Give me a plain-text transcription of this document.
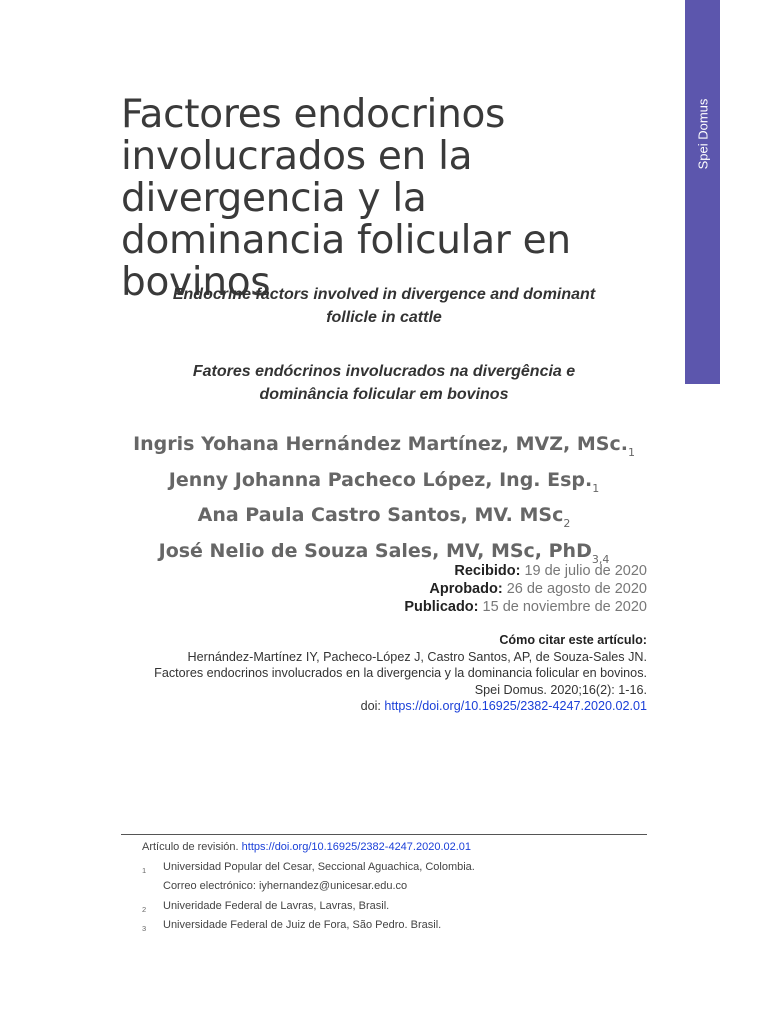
Spei Domus
Factores endocrinos involucrados en la divergencia y la dominancia folicular en bovinos

Endocrine factors involved in divergence and dominant follicle in cattle

Fatores endócrinos involucrados na divergência e dominância folicular em bovinos

Ingris Yohana Hernández Martínez, MVZ, $MSc._1$
Jenny Johanna Pacheco López, Ing. $Esp._1$
Ana Paula Castro Santos, MV. MSc$_2$
José Nelio de Souza Sales, MV, MSc, PhD$_{3,4}$
Recibido: 19 de julio de 2020
Aprobado: 26 de agosto de 2020
Publicado: 15 de noviembre de 2020
Cómo citar este artículo:
Hernández-Martínez IY, Pacheco-López J, Castro Santos, AP, de Souza-Sales JN.
Factores endocrinos involucrados en la divergencia y la dominancia folicular en bovinos.
Spei Domus. 2020;16(2): 1-16.
doi: https://doi.org/10.16925/2382-4247.2020.02.01
Artículo de revisión. https://doi.org/10.16925/2382-4247.2020.02.01
1 Universidad Popular del Cesar, Seccional Aguachica, Colombia.
Correo electrónico: iyhernandez@unicesar.edu.co
2 Univeridade Federal de Lavras, Lavras, Brasil.
3 Universidade Federal de Juiz de Fora, São Pedro. Brasil.
